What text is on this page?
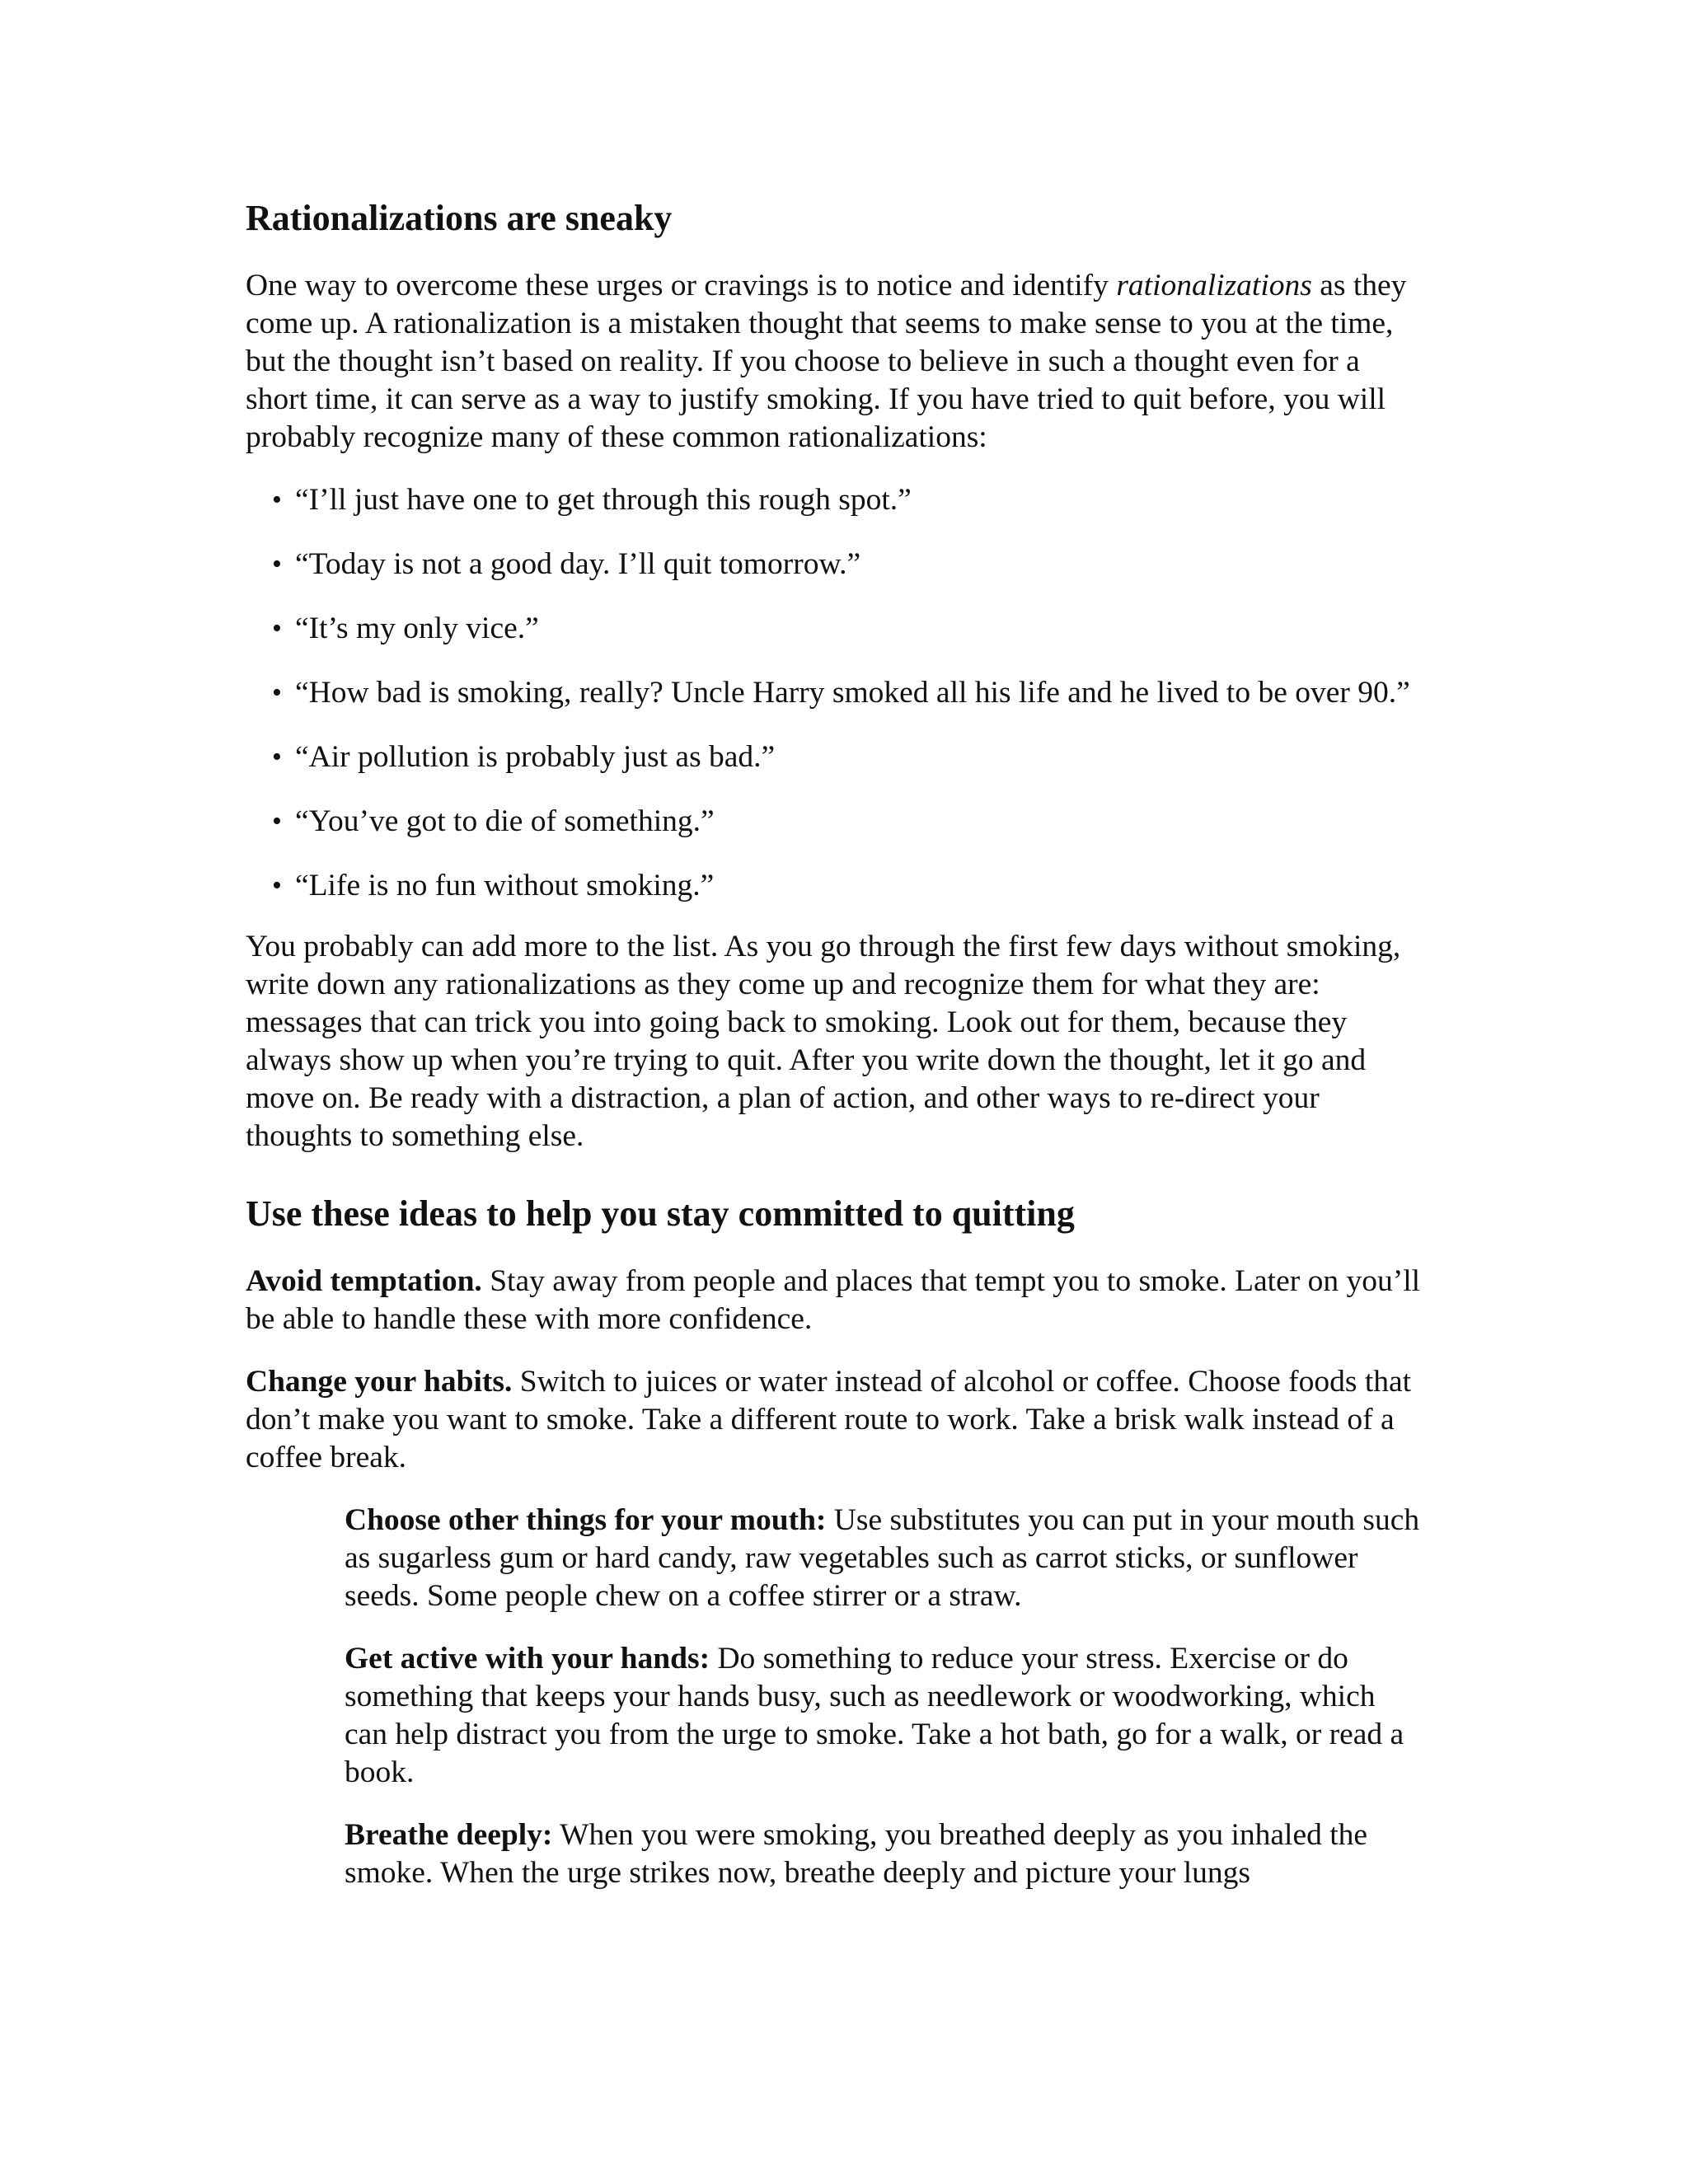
Rationalizations are sneaky

One way to overcome these urges or cravings is to notice and identify rationalizations as they come up. A rationalization is a mistaken thought that seems to make sense to you at the time, but the thought isn’t based on reality. If you choose to believe in such a thought even for a short time, it can serve as a way to justify smoking. If you have tried to quit before, you will probably recognize many of these common rationalizations:

• “I’ll just have one to get through this rough spot.”
• “Today is not a good day. I’ll quit tomorrow.”
• “It’s my only vice.”
• “How bad is smoking, really? Uncle Harry smoked all his life and he lived to be over 90.”
• “Air pollution is probably just as bad.”
• “You’ve got to die of something.”
• “Life is no fun without smoking.”

You probably can add more to the list. As you go through the first few days without smoking, write down any rationalizations as they come up and recognize them for what they are: messages that can trick you into going back to smoking. Look out for them, because they always show up when you’re trying to quit. After you write down the thought, let it go and move on. Be ready with a distraction, a plan of action, and other ways to re-direct your thoughts to something else.

Use these ideas to help you stay committed to quitting

Avoid temptation. Stay away from people and places that tempt you to smoke. Later on you’ll be able to handle these with more confidence.

Change your habits. Switch to juices or water instead of alcohol or coffee. Choose foods that don’t make you want to smoke. Take a different route to work. Take a brisk walk instead of a coffee break.

Choose other things for your mouth: Use substitutes you can put in your mouth such as sugarless gum or hard candy, raw vegetables such as carrot sticks, or sunflower seeds. Some people chew on a coffee stirrer or a straw.

Get active with your hands: Do something to reduce your stress. Exercise or do something that keeps your hands busy, such as needlework or woodworking, which can help distract you from the urge to smoke. Take a hot bath, go for a walk, or read a book.

Breathe deeply: When you were smoking, you breathed deeply as you inhaled the smoke. When the urge strikes now, breathe deeply and picture your lungs
